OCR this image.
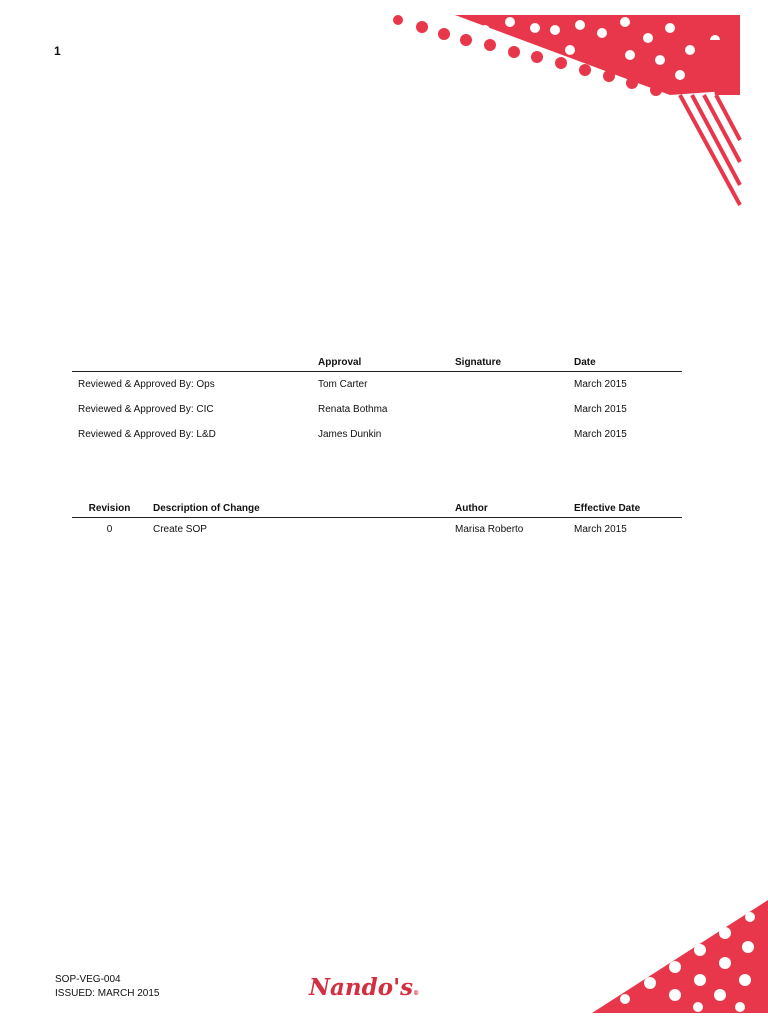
1
	Approval	Signature	Date
Reviewed & Approved By: Ops	Tom Carter		March 2015
Reviewed & Approved By: CIC	Renata Bothma		March 2015
Reviewed & Approved By: L&D	James Dunkin		March 2015
Revision	Description of Change	Author	Effective Date
0	Create SOP	Marisa Roberto	March 2015
SOP-VEG-004
ISSUED: MARCH 2015	Nando's®
